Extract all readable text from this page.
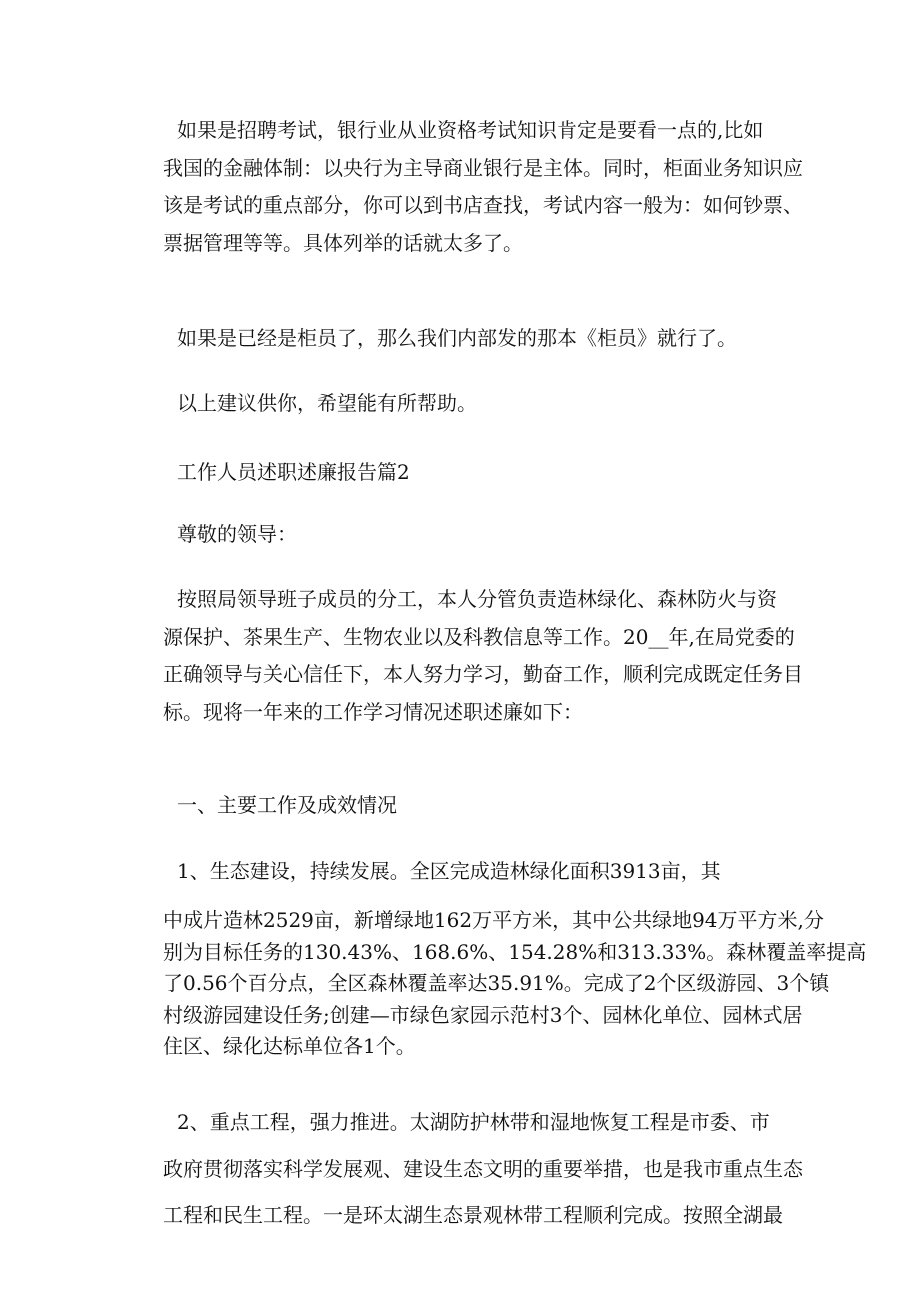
如果是招聘考试，银行业从业资格考试知识肯定是要看一点的,比如
我国的金融体制：以央行为主导商业银行是主体。同时，柜面业务知识应
该是考试的重点部分，你可以到书店查找，考试内容一般为：如何钞票、
票据管理等等。具体列举的话就太多了。
如果是已经是柜员了，那么我们内部发的那本《柜员》就行了。
以上建议供你，希望能有所帮助。
工作人员述职述廉报告篇2
尊敬的领导：
按照局领导班子成员的分工，本人分管负责造林绿化、森林防火与资
源保护、茶果生产、生物农业以及科教信息等工作。20__年,在局党委的
正确领导与关心信任下，本人努力学习，勤奋工作，顺利完成既定任务目
标。现将一年来的工作学习情况述职述廉如下：
一、主要工作及成效情况
1、生态建设，持续发展。全区完成造林绿化面积3913亩，其
中成片造林2529亩，新增绿地162万平方米，其中公共绿地94万平方米,分
别为目标任务的130.43%、168.6%、154.28%和313.33%。森林覆盖率提高
了0.56个百分点，全区森林覆盖率达35.91%。完成了2个区级游园、3个镇
村级游园建设任务;创建—市绿色家园示范村3个、园林化单位、园林式居
住区、绿化达标单位各1个。
2、重点工程，强力推进。太湖防护林带和湿地恢复工程是市委、市
政府贯彻落实科学发展观、建设生态文明的重要举措，也是我市重点生态
工程和民生工程。一是环太湖生态景观林带工程顺利完成。按照全湖最
